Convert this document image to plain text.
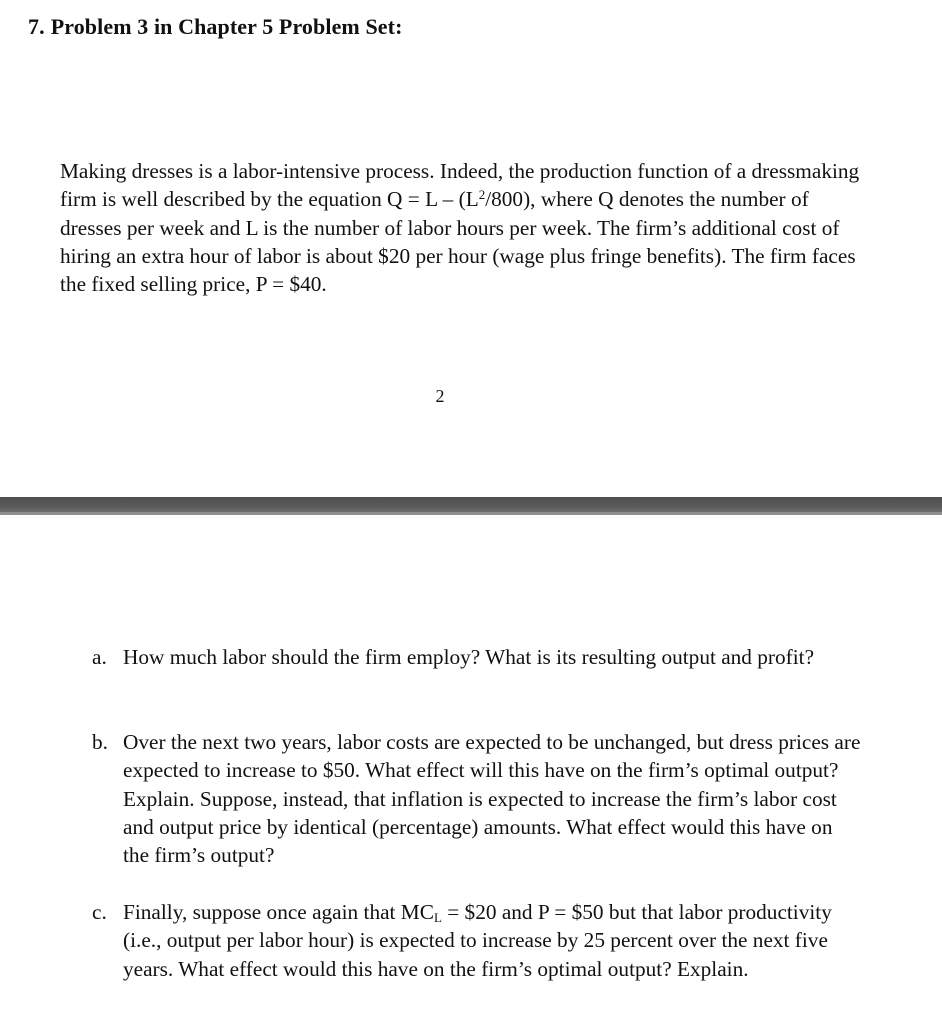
7. Problem 3 in Chapter 5 Problem Set:
Making dresses is a labor-intensive process. Indeed, the production function of a dressmaking firm is well described by the equation $Q = L - (L^2/800)$, where Q denotes the number of dresses per week and L is the number of labor hours per week. The firm’s additional cost of hiring an extra hour of labor is about $20 per hour (wage plus fringe benefits). The firm faces the fixed selling price, P = $40.
2
a. How much labor should the firm employ? What is its resulting output and profit?
b. Over the next two years, labor costs are expected to be unchanged, but dress prices are expected to increase to $50. What effect will this have on the firm’s optimal output? Explain. Suppose, instead, that inflation is expected to increase the firm’s labor cost and output price by identical (percentage) amounts. What effect would this have on the firm’s output?
c. Finally, suppose once again that $MC_L$ = $20 and P = $50 but that labor productivity (i.e., output per labor hour) is expected to increase by 25 percent over the next five years. What effect would this have on the firm’s optimal output? Explain.
